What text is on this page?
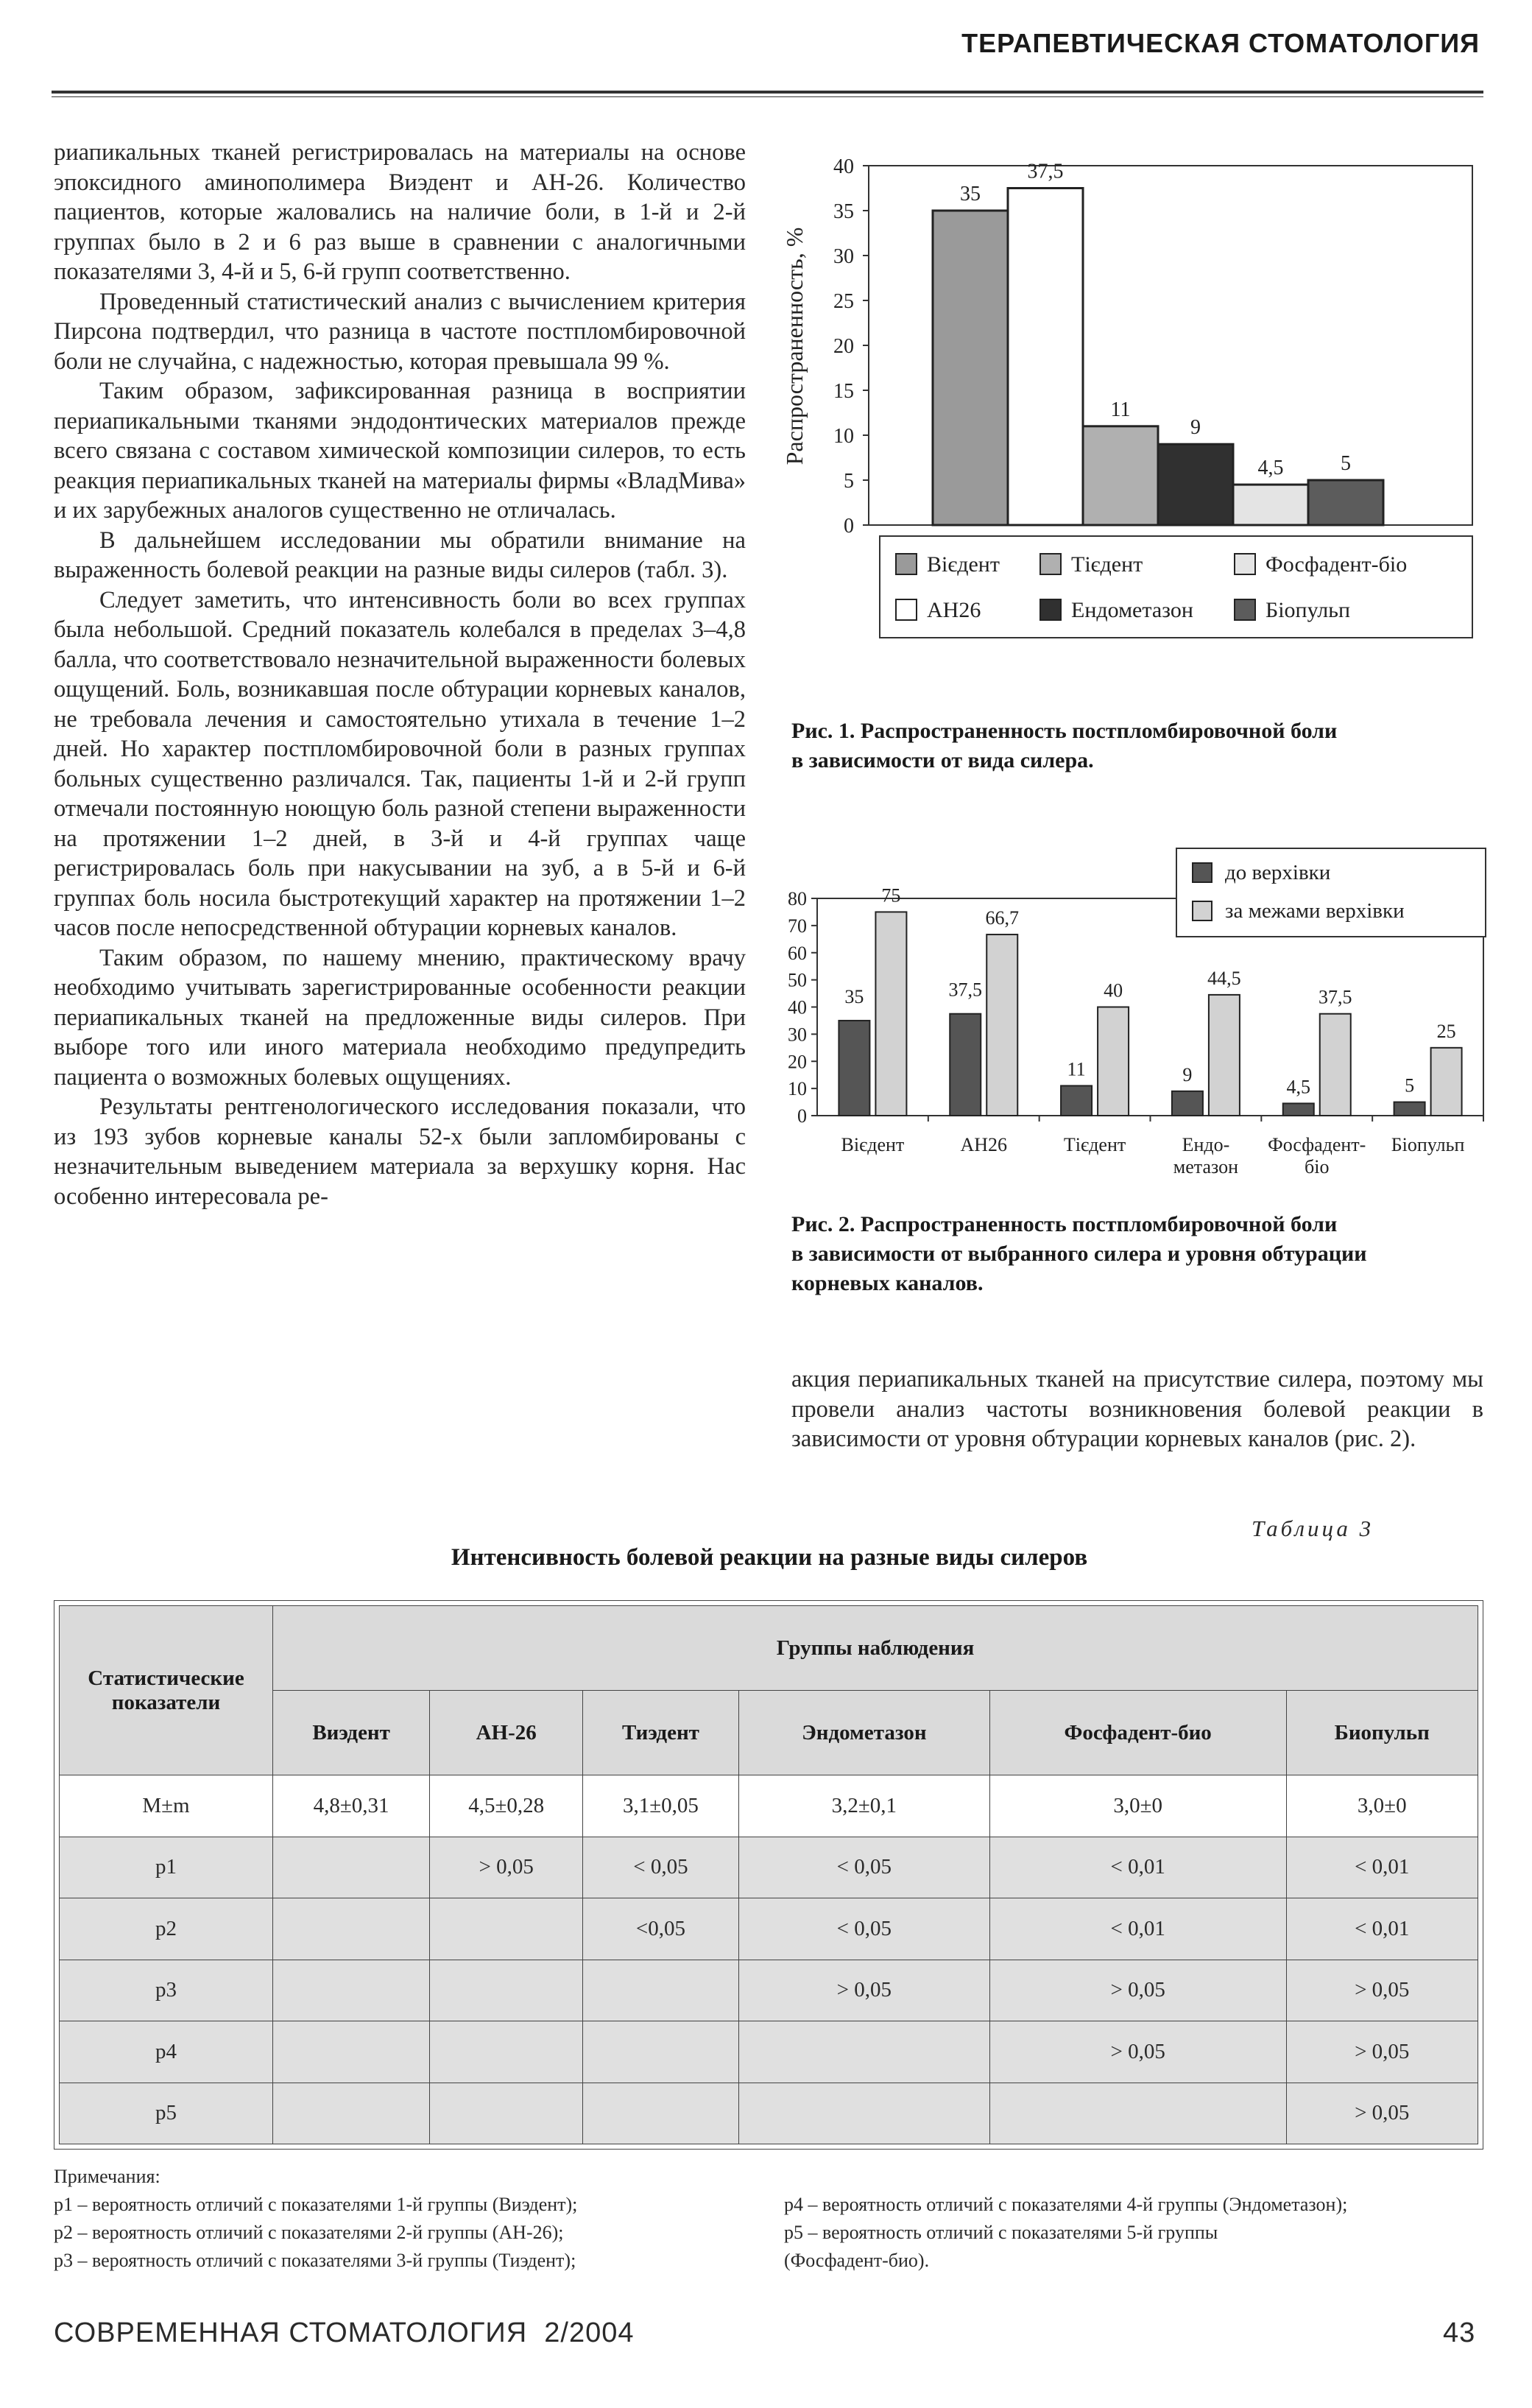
ТЕРАПЕВТИЧЕСКАЯ СТОМАТОЛОГИЯ

риапикальных тканей регистрировалась на материалы на основе эпоксидного аминополимера Виэдент и АН-26. Количество пациентов, которые жаловались на наличие боли, в 1-й и 2-й группах было в 2 и 6 раз выше в сравнении с аналогичными показателями 3, 4-й и 5, 6-й групп соответственно.

Проведенный статистический анализ с вычислением критерия Пирсона подтвердил, что разница в частоте постпломбировочной боли не случайна, с надежностью, которая превышала 99 %.

Таким образом, зафиксированная разница в восприятии периапикальными тканями эндодонтических материалов прежде всего связана с составом химической композиции силеров, то есть реакция периапикальных тканей на материалы фирмы «ВладМива» и их зарубежных аналогов существенно не отличалась.

В дальнейшем исследовании мы обратили внимание на выраженность болевой реакции на разные виды силеров (табл. 3).

Следует заметить, что интенсивность боли во всех группах была небольшой. Средний показатель колебался в пределах 3–4,8 балла, что соответствовало незначительной выраженности болевых ощущений. Боль, возникавшая после обтурации корневых каналов, не требовала лечения и самостоятельно утихала в течение 1–2 дней. Но характер постпломбировочной боли в разных группах больных существенно различался. Так, пациенты 1-й и 2-й групп отмечали постоянную ноющую боль разной степени выраженности на протяжении 1–2 дней, в 3-й и 4-й группах чаще регистрировалась боль при накусывании на зуб, а в 5-й и 6-й группах боль носила быстротекущий характер на протяжении 1–2 часов после непосредственной обтурации корневых каналов.

Таким образом, по нашему мнению, практическому врачу необходимо учитывать зарегистрированные особенности реакции периапикальных тканей на предложенные виды силеров. При выборе того или иного материала необходимо предупредить пациента о возможных болевых ощущениях.

Результаты рентгенологического исследования показали, что из 193 зубов корневые каналы 52-х были запломбированы с незначительным выведением материала за верхушку корня. Нас особенно интересовала ре-

Распространенность, %
0
5
10
15
20
25
30
35
40
35
37,5
11
9
4,5	5
Вієдент	Тієдент	Фосфадент-біо
АН26	Ендометазон	Біопульп
Рис. 1. Распространенность постпломбировочной боли
в зависимости от вида силера.
0
10
20
30
40
50
60
70
80
35
75
Вієдент
37,5
66,7
АН26
11
40
Тієдент
9
44,5
Ендо-
метазон
4,5
37,5
Фосфадент-
біо
5
25
Біопульп
до верхівки
за межами верхівки
Рис. 2. Распространенность постпломбировочной боли
в зависимости от выбранного силера и уровня обтурации
корневых каналов.

акция периапикальных тканей на присутствие силера, поэтому мы провели анализ частоты возникновения болевой реакции в зависимости от уровня обтурации корневых каналов (рис. 2).

Таблица 3
Интенсивность болевой реакции на разные виды силеров
Статистические показатели	Группы наблюдения					
	Виэдент	АН-26	Тиэдент	Эндометазон	Фосфадент-био	Биопульп
M±m	4,8±0,31	4,5±0,28	3,1±0,05	3,2±0,1	3,0±0	3,0±0
p1		> 0,05	< 0,05	< 0,05	< 0,01	< 0,01
p2			<0,05	< 0,05	< 0,01	< 0,01
p3				> 0,05	> 0,05	> 0,05
p4					> 0,05	> 0,05
p5						> 0,05
Примечания:
р1 – вероятность отличий с показателями 1-й группы (Виэдент);
р2 – вероятность отличий с показателями 2-й группы (АН-26);
р3 – вероятность отличий с показателями 3-й группы (Тиэдент);
р4 – вероятность отличий с показателями 4-й группы (Эндометазон);
р5 – вероятность отличий с показателями 5-й группы
(Фосфадент-био).
СОВРЕМЕННАЯ СТОМАТОЛОГИЯ  2/2004	43
